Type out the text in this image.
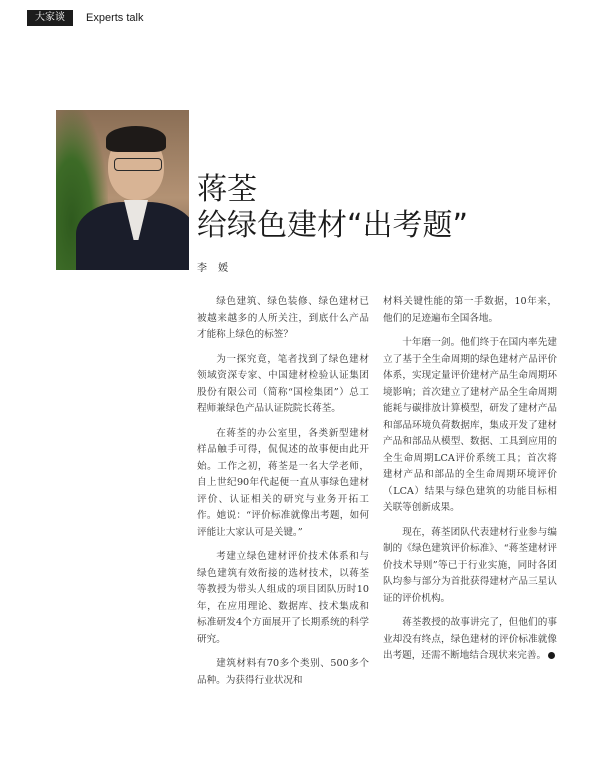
大家谈	Experts talk
蒋荃
给绿色建材“出考题”
李 媛

绿色建筑、绿色装修、绿色建材已被越来越多的人所关注，到底什么产品才能称上绿色的标签？

为一探究竟，笔者找到了绿色建材领域资深专家、中国建材检验认证集团股份有限公司（简称“国检集团”）总工程师兼绿色产品认证院院长蒋荃。

在蒋荃的办公室里，各类新型建材样品触手可得，侃侃述的故事便由此开始。工作之初，蒋荃是一名大学老师，自上世纪90年代起便一直从事绿色建材评价、认证相关的研究与业务开拓工作。她说：“评价标准就像出考题，如何评能让大家认可是关键。”

考建立绿色建材评价技术体系和与绿色建筑有效衔接的选材技术，以蒋荃等教授为带头人组成的项目团队历时10年，在应用理论、数据库、技术集成和标准研发4个方面展开了长期系统的科学研究。

建筑材料有70多个类别、500多个品种。为获得行业状况和

材料关键性能的第一手数据，10年来，他们的足迹遍布全国各地。

十年磨一剑。他们终于在国内率先建立了基于全生命周期的绿色建材产品评价体系，实现定量评价建材产品生命周期环境影响；首次建立了建材产品全生命周期能耗与碳排放计算模型，研发了建材产品和部品环境负荷数据库，集成开发了建材产品和部品从模型、数据、工具到应用的全生命周期LCA评价系统工具；首次将建材产品和部品的全生命周期环境评价（LCA）结果与绿色建筑的功能目标相关联等创新成果。

现在，蒋荃团队代表建材行业参与编制的《绿色建筑评价标准》、“蒋荃建材评价技术导则”等已于行业实施，同时各团队均参与部分为首批获得建材产品三星认证的评价机构。

蒋荃教授的故事讲完了，但他们的事业却没有终点，绿色建材的评价标准就像出考题，还需不断地结合现状来完善。
